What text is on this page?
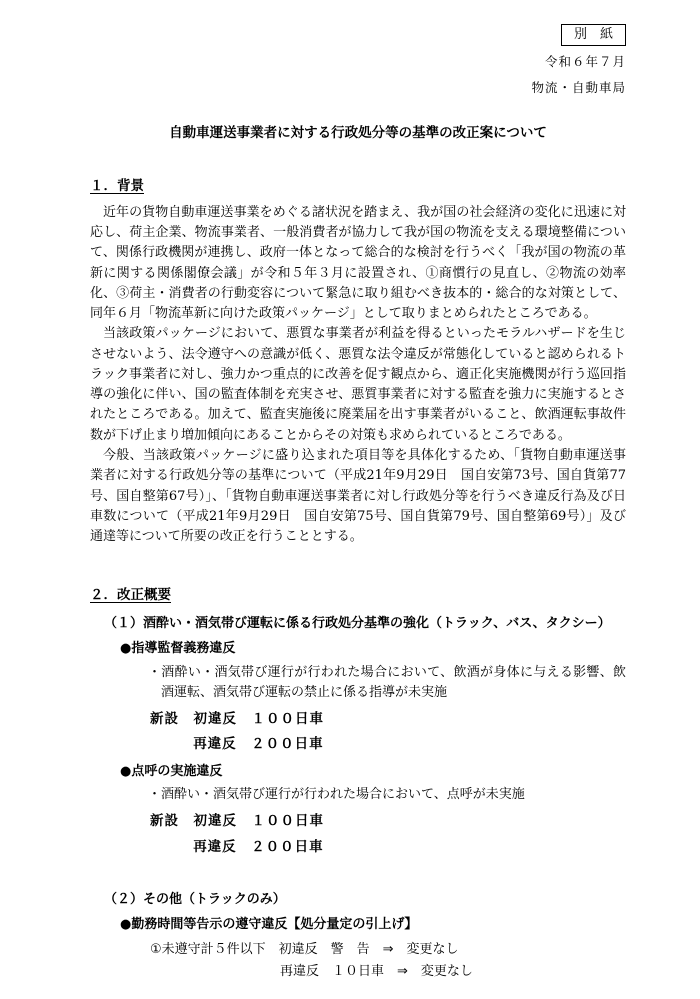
別　紙
令和６年７月
物流・自動車局
自動車運送事業者に対する行政処分等の基準の改正案について
１．背景

近年の貨物自動車運送事業をめぐる諸状況を踏まえ、我が国の社会経済の変化に迅速に対応し、荷主企業、物流事業者、一般消費者が協力して我が国の物流を支える環境整備について、関係行政機関が連携し、政府一体となって総合的な検討を行うべく「我が国の物流の革新に関する関係閣僚会議」が令和５年３月に設置され、①商慣行の見直し、②物流の効率化、③荷主・消費者の行動変容について緊急に取り組むべき抜本的・総合的な対策として、同年６月「物流革新に向けた政策パッケージ」として取りまとめられたところである。

当該政策パッケージにおいて、悪質な事業者が利益を得るといったモラルハザードを生じさせないよう、法令遵守への意識が低く、悪質な法令違反が常態化していると認められるトラック事業者に対し、強力かつ重点的に改善を促す観点から、適正化実施機関が行う巡回指導の強化に伴い、国の監査体制を充実させ、悪質事業者に対する監査を強力に実施するとされたところである。加えて、監査実施後に廃業届を出す事業者がいること、飲酒運転事故件数が下げ止まり増加傾向にあることからその対策も求められているところである。

今般、当該政策パッケージに盛り込まれた項目等を具体化するため、「貨物自動車運送事業者に対する行政処分等の基準について（平成21年9月29日　国自安第73号、国自貨第77号、国自整第67号）」、「貨物自動車運送事業者に対し行政処分等を行うべき違反行為及び日車数について（平成21年9月29日　国自安第75号、国自貨第79号、国自整第69号）」及び通達等について所要の改正を行うこととする。

２．改正概要
（１）酒酔い・酒気帯び運転に係る行政処分基準の強化（トラック、バス、タクシー）
●指導監督義務違反
・酒酔い・酒気帯び運行が行われた場合において、飲酒が身体に与える影響、飲酒運転、酒気帯び運転の禁止に係る指導が未実施
新設　初違反　１００日車
再違反　２００日車
●点呼の実施違反
・酒酔い・酒気帯び運行が行われた場合において、点呼が未実施
新設　初違反　１００日車
再違反　２００日車
（２）その他（トラックのみ）
●勤務時間等告示の遵守違反【処分量定の引上げ】
①未遵守計５件以下　初違反　警　告　⇒　変更なし
再違反　１０日車　⇒　変更なし
